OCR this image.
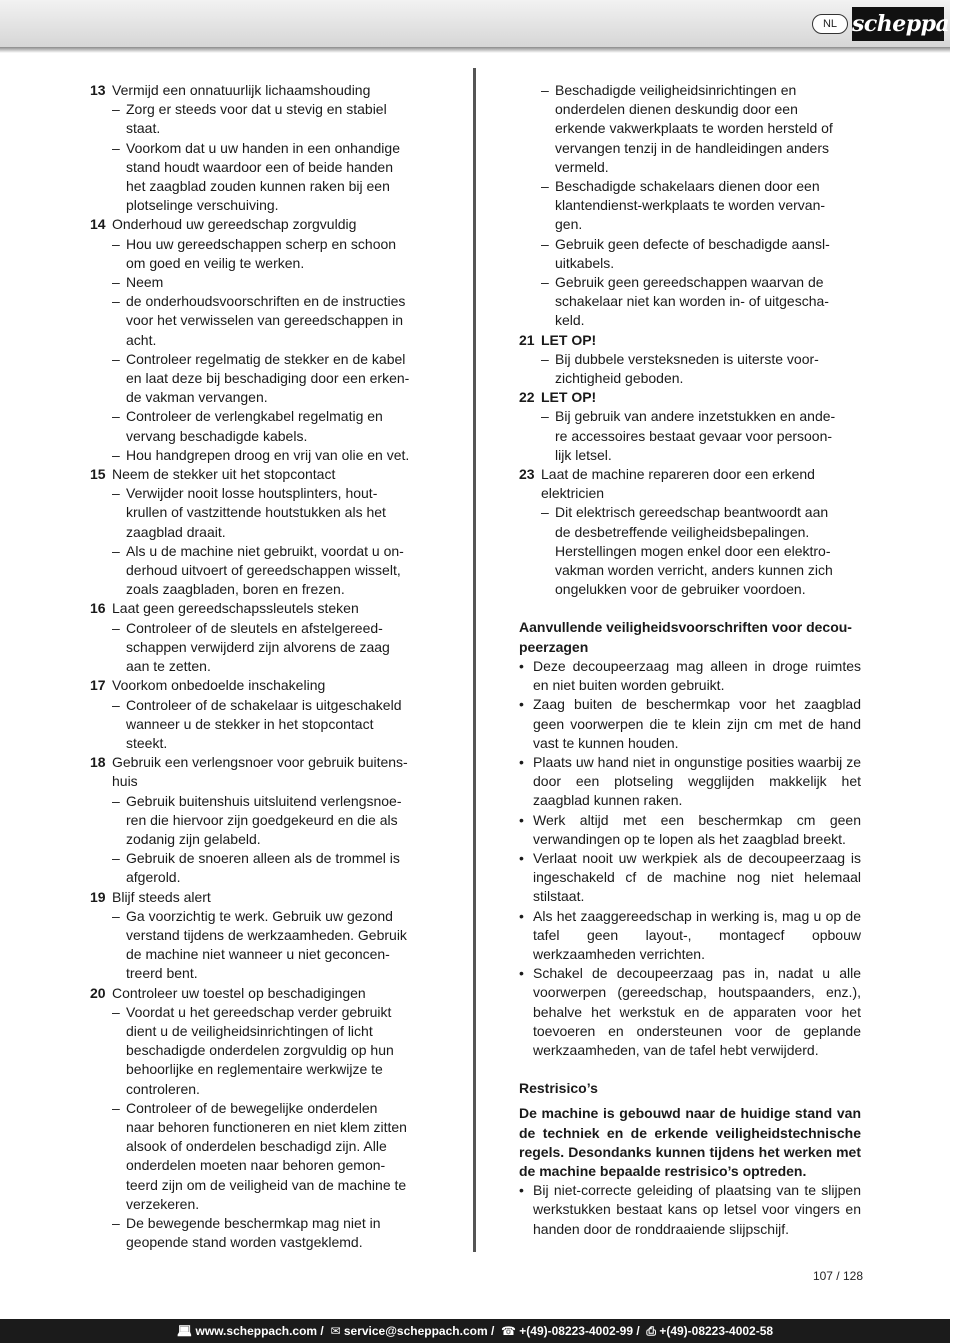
NL scheppach
13 Vermijd een onnatuurlijk lichaamshouding
– Zorg er steeds voor dat u stevig en stabiel
staat.
– Voorkom dat u uw handen in een onhandige
stand houdt waardoor een of beide handen
het zaagblad zouden kunnen raken bij een
plotselinge verschuiving.
14 Onderhoud uw gereedschap zorgvuldig
– Hou uw gereedschappen scherp en schoon
om goed en veilig te werken.
– Neem
– de onderhoudsvoorschriften en de instructies
voor het verwisselen van gereedschappen in
acht.
– Controleer regelmatig de stekker en de kabel
en laat deze bij beschadiging door een erken-
de vakman vervangen.
– Controleer de verlengkabel regelmatig en
vervang beschadigde kabels.
– Hou handgrepen droog en vrij van olie en vet.
15 Neem de stekker uit het stopcontact
– Verwijder nooit losse houtsplinters, hout-
krullen of vastzittende houtstukken als het
zaagblad draait.
– Als u de machine niet gebruikt, voordat u on-
derhoud uitvoert of gereedschappen wisselt,
zoals zaagbladen, boren en frezen.
16 Laat geen gereedschapssleutels steken
– Controleer of de sleutels en afstelgereed-
schappen verwijderd zijn alvorens de zaag
aan te zetten.
17 Voorkom onbedoelde inschakeling
– Controleer of de schakelaar is uitgeschakeld
wanneer u de stekker in het stopcontact
steekt.
18 Gebruik een verlengsnoer voor gebruik buitens-
huis
– Gebruik buitenshuis uitsluitend verlengsnoe-
ren die hiervoor zijn goedgekeurd en die als
zodanig zijn gelabeld.
– Gebruik de snoeren alleen als de trommel is
afgerold.
19 Blijf steeds alert
– Ga voorzichtig te werk. Gebruik uw gezond
verstand tijdens de werkzaamheden. Gebruik
de machine niet wanneer u niet geconcen-
treerd bent.
20 Controleer uw toestel op beschadigingen
– Voordat u het gereedschap verder gebruikt
dient u de veiligheidsinrichtingen of licht
beschadigde onderdelen zorgvuldig op hun
behoorlijke en reglementaire werkwijze te
controleren.
– Controleer of de bewegelijke onderdelen
naar behoren functioneren en niet klem zitten
alsook of onderdelen beschadigd zijn. Alle
onderdelen moeten naar behoren gemon-
teerd zijn om de veiligheid van de machine te
verzekeren.
– De bewegende beschermkap mag niet in
geopende stand worden vastgeklemd.
– Beschadigde veiligheidsinrichtingen en
onderdelen dienen deskundig door een
erkende vakwerkplaats te worden hersteld of
vervangen tenzij in de handleidingen anders
vermeld.
– Beschadigde schakelaars dienen door een
klantendienst-werkplaats te worden vervan-
gen.
– Gebruik geen defecte of beschadigde aansl-
uitkabels.
– Gebruik geen gereedschappen waarvan de
schakelaar niet kan worden in- of uitgescha-
keld.
21 LET OP!
– Bij dubbele versteksneden is uiterste voor-
zichtigheid geboden.
22 LET OP!
– Bij gebruik van andere inzetstukken en ande-
re accessoires bestaat gevaar voor persoon-
lijk letsel.
23 Laat de machine repareren door een erkend
elektricien
– Dit elektrisch gereedschap beantwoordt aan
de desbetreffende veiligheidsbepalingen.
Herstellingen mogen enkel door een elektro-
vakman worden verricht, anders kunnen zich
ongelukken voor de gebruiker voordoen.
Aanvullende veiligheidsvoorschriften voor decou-
peerzagen
• Deze decoupeerzaag mag alleen in droge ruimtes en niet buiten worden gebruikt.
• Zaag buiten de beschermkap voor het zaagblad geen voorwerpen die te klein zijn cm met de hand vast te kunnen houden.
• Plaats uw hand niet in ongunstige posities waarbij ze door een plotseling wegglijden makkelijk het zaagblad kunnen raken.
• Werk altijd met een beschermkap cm geen verwandingen op te lopen als het zaagblad breekt.
• Verlaat nooit uw werkpiek als de decoupeerzaag is ingeschakeld cf de machine nog niet helemaal stilstaat.
• Als het zaaggereedschap in werking is, mag u op de tafel geen layout-, montagecf opbouw werkzaamheden verrichten.
• Schakel de decoupeerzaag pas in, nadat u alle voorwerpen (gereedschap, houtspaanders, enz.), behalve het werkstuk en de apparaten voor het toevoeren en ondersteunen voor de geplande werkzaamheden, van de tafel hebt verwijderd.
Restrisico’s
De machine is gebouwd naar de huidige stand van de techniek en de erkende veiligheidstechnische regels. Desondanks kunnen tijdens het werken met de machine bepaalde restrisico’s optreden.
• Bij niet-correcte geleiding of plaatsing van te slijpen werkstukken bestaat kans op letsel voor vingers en handen door de ronddraaiende slijpschijf.
107 / 128
💻︎ www.scheppach.com /  ✉︎ service@scheppach.com /  ☎ +(49)-08223-4002-99 /  ⎙ +(49)-08223-4002-58
